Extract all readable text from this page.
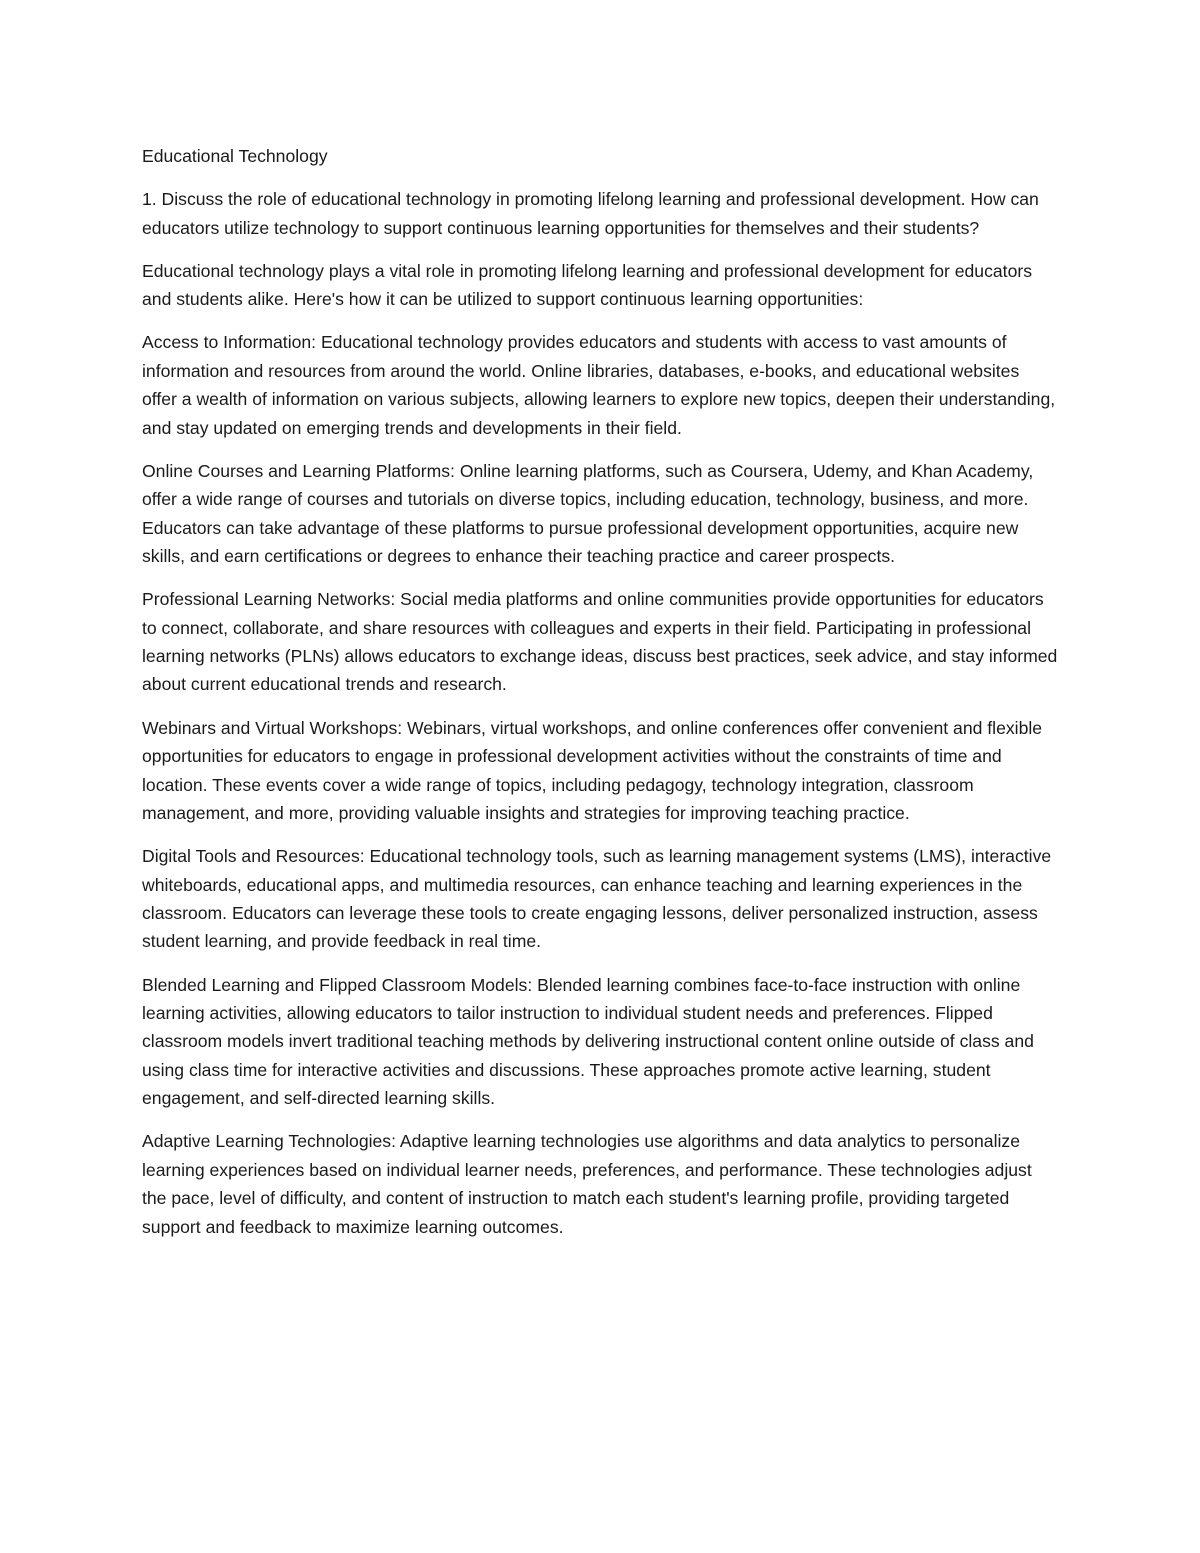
Educational Technology

1. Discuss the role of educational technology in promoting lifelong learning and professional development. How can educators utilize technology to support continuous learning opportunities for themselves and their students?

Educational technology plays a vital role in promoting lifelong learning and professional development for educators and students alike. Here's how it can be utilized to support continuous learning opportunities:

Access to Information: Educational technology provides educators and students with access to vast amounts of information and resources from around the world. Online libraries, databases, e-books, and educational websites offer a wealth of information on various subjects, allowing learners to explore new topics, deepen their understanding, and stay updated on emerging trends and developments in their field.

Online Courses and Learning Platforms: Online learning platforms, such as Coursera, Udemy, and Khan Academy, offer a wide range of courses and tutorials on diverse topics, including education, technology, business, and more. Educators can take advantage of these platforms to pursue professional development opportunities, acquire new skills, and earn certifications or degrees to enhance their teaching practice and career prospects.

Professional Learning Networks: Social media platforms and online communities provide opportunities for educators to connect, collaborate, and share resources with colleagues and experts in their field. Participating in professional learning networks (PLNs) allows educators to exchange ideas, discuss best practices, seek advice, and stay informed about current educational trends and research.

Webinars and Virtual Workshops: Webinars, virtual workshops, and online conferences offer convenient and flexible opportunities for educators to engage in professional development activities without the constraints of time and location. These events cover a wide range of topics, including pedagogy, technology integration, classroom management, and more, providing valuable insights and strategies for improving teaching practice.

Digital Tools and Resources: Educational technology tools, such as learning management systems (LMS), interactive whiteboards, educational apps, and multimedia resources, can enhance teaching and learning experiences in the classroom. Educators can leverage these tools to create engaging lessons, deliver personalized instruction, assess student learning, and provide feedback in real time.

Blended Learning and Flipped Classroom Models: Blended learning combines face-to-face instruction with online learning activities, allowing educators to tailor instruction to individual student needs and preferences. Flipped classroom models invert traditional teaching methods by delivering instructional content online outside of class and using class time for interactive activities and discussions. These approaches promote active learning, student engagement, and self-directed learning skills.

Adaptive Learning Technologies: Adaptive learning technologies use algorithms and data analytics to personalize learning experiences based on individual learner needs, preferences, and performance. These technologies adjust the pace, level of difficulty, and content of instruction to match each student's learning profile, providing targeted support and feedback to maximize learning outcomes.
